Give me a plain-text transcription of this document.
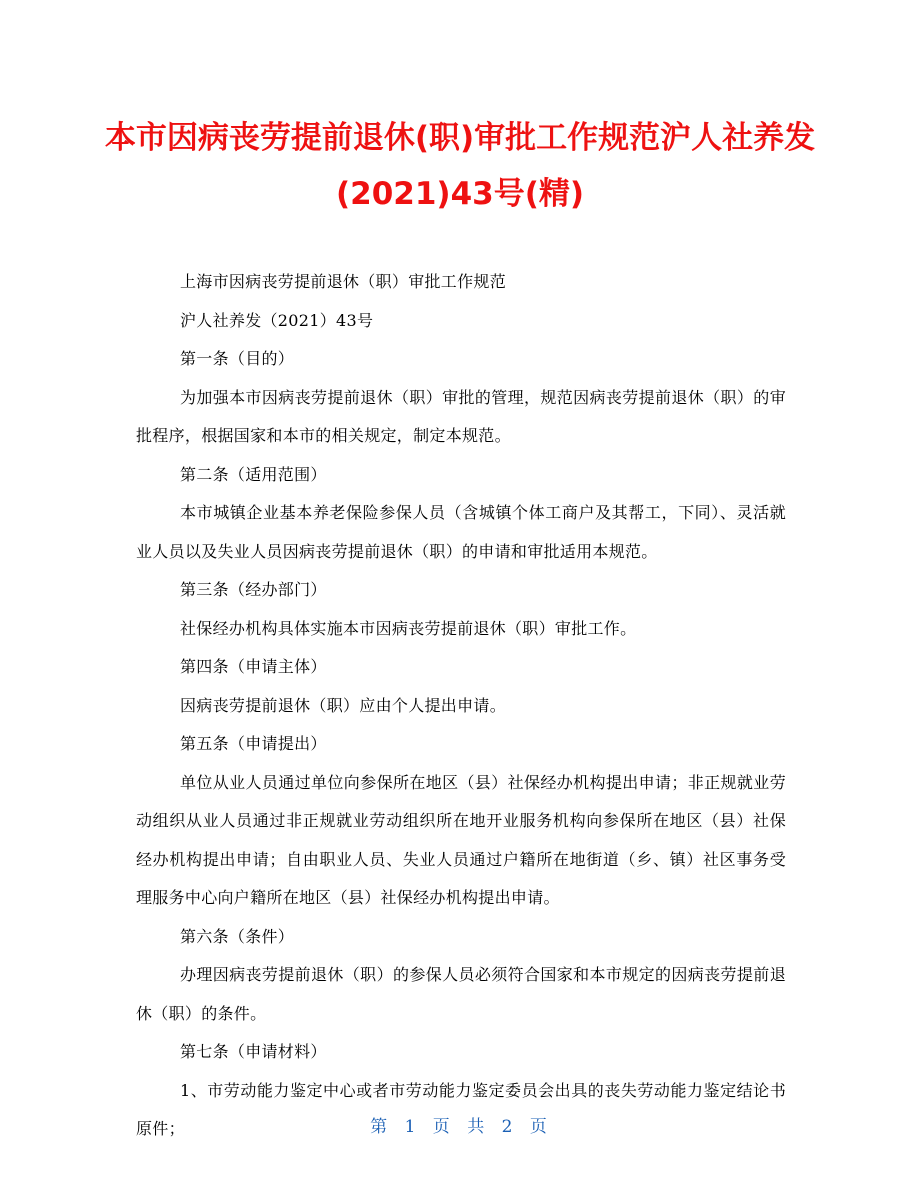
本市因病丧劳提前退休(职)审批工作规范沪人社养发(2021)43号(精)

上海市因病丧劳提前退休（职）审批工作规范

沪人社养发（2021）43号

第一条（目的）

为加强本市因病丧劳提前退休（职）审批的管理，规范因病丧劳提前退休（职）的审批程序，根据国家和本市的相关规定，制定本规范。

第二条（适用范围）

本市城镇企业基本养老保险参保人员（含城镇个体工商户及其帮工，下同）、灵活就业人员以及失业人员因病丧劳提前退休（职）的申请和审批适用本规范。

第三条（经办部门）

社保经办机构具体实施本市因病丧劳提前退休（职）审批工作。

第四条（申请主体）

因病丧劳提前退休（职）应由个人提出申请。

第五条（申请提出）

单位从业人员通过单位向参保所在地区（县）社保经办机构提出申请；非正规就业劳动组织从业人员通过非正规就业劳动组织所在地开业服务机构向参保所在地区（县）社保经办机构提出申请；自由职业人员、失业人员通过户籍所在地街道（乡、镇）社区事务受理服务中心向户籍所在地区（县）社保经办机构提出申请。

第六条（条件）

办理因病丧劳提前退休（职）的参保人员必须符合国家和本市规定的因病丧劳提前退休（职）的条件。

第七条（申请材料）

1、市劳动能力鉴定中心或者市劳动能力鉴定委员会出具的丧失劳动能力鉴定结论书原件；	第 1 页 共 2 页
